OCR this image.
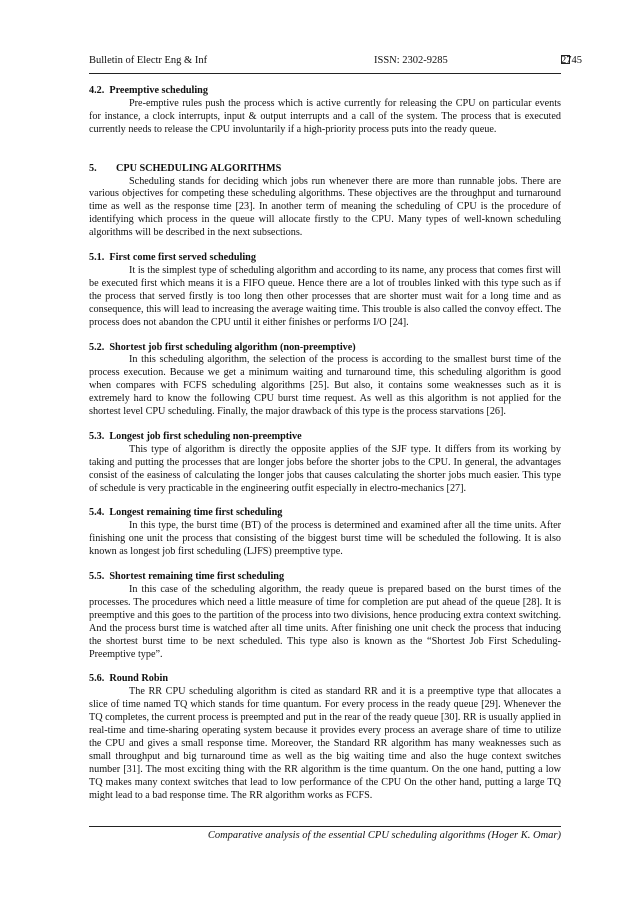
Bulletin of Electr Eng & Inf	ISSN: 2302-9285	2745
4.2. Preemptive scheduling

Pre-emptive rules push the process which is active currently for releasing the CPU on particular events for instance, a clock interrupts, input & output interrupts and a call of the system. The process that is executed currently needs to release the CPU involuntarily if a high-priority process puts into the ready queue.

5. CPU SCHEDULING ALGORITHMS

Scheduling stands for deciding which jobs run whenever there are more than runnable jobs. There are various objectives for competing these scheduling algorithms. These objectives are the throughput and turnaround time as well as the response time [23]. In another term of meaning the scheduling of CPU is the procedure of identifying which process in the queue will allocate firstly to the CPU. Many types of well-known scheduling algorithms will be described in the next subsections.

5.1. First come first served scheduling

It is the simplest type of scheduling algorithm and according to its name, any process that comes first will be executed first which means it is a FIFO queue. Hence there are a lot of troubles linked with this type such as if the process that served firstly is too long then other processes that are shorter must wait for a long time and as consequence, this will lead to increasing the average waiting time. This trouble is also called the convoy effect. The process does not abandon the CPU until it either finishes or performs I/O [24].

5.2. Shortest job first scheduling algorithm (non-preemptive)

In this scheduling algorithm, the selection of the process is according to the smallest burst time of the process execution. Because we get a minimum waiting and turnaround time, this scheduling algorithm is good when compares with FCFS scheduling algorithms [25]. But also, it contains some weaknesses such as it is extremely hard to know the following CPU burst time request. As well as this algorithm is not applied for the shortest level CPU scheduling. Finally, the major drawback of this type is the process starvations [26].

5.3. Longest job first scheduling non-preemptive

This type of algorithm is directly the opposite applies of the SJF type. It differs from its working by taking and putting the processes that are longer jobs before the shorter jobs to the CPU. In general, the advantages consist of the easiness of calculating the longer jobs that causes calculating the shorter jobs much easier. This type of schedule is very practicable in the engineering outfit especially in electro-mechanics [27].

5.4. Longest remaining time first scheduling

In this type, the burst time (BT) of the process is determined and examined after all the time units. After finishing one unit the process that consisting of the biggest burst time will be scheduled the following. It is also known as longest job first scheduling (LJFS) preemptive type.

5.5. Shortest remaining time first scheduling

In this case of the scheduling algorithm, the ready queue is prepared based on the burst times of the processes. The procedures which need a little measure of time for completion are put ahead of the queue [28]. It is preemptive and this goes to the partition of the process into two divisions, hence producing extra context switching. And the process burst time is watched after all time units. After finishing one unit check the process that inducing the shortest burst time to be next scheduled. This type also is known as the “Shortest Job First Scheduling-Preemptive type”.

5.6. Round Robin

The RR CPU scheduling algorithm is cited as standard RR and it is a preemptive type that allocates a slice of time named TQ which stands for time quantum. For every process in the ready queue [29]. Whenever the TQ completes, the current process is preempted and put in the rear of the ready queue [30]. RR is usually applied in real-time and time-sharing operating system because it provides every process an average share of time to utilize the CPU and gives a small response time. Moreover, the Standard RR algorithm has many weaknesses such as small throughput and big turnaround time as well as the big waiting time and also the huge context switches number [31]. The most exciting thing with the RR algorithm is the time quantum. On the one hand, putting a low TQ makes many context switches that lead to low performance of the CPU On the other hand, putting a large TQ might lead to a bad response time. The RR algorithm works as FCFS.

Comparative analysis of the essential CPU scheduling algorithms (Hoger K. Omar)
